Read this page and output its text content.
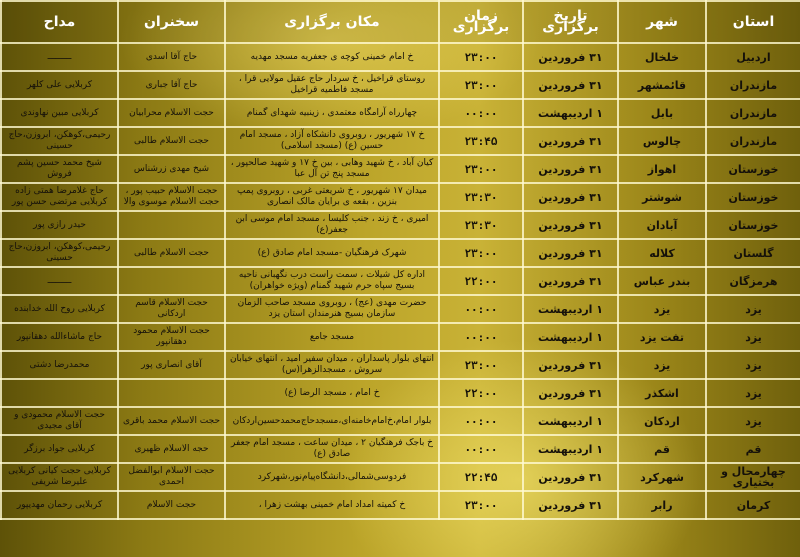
استان	شهر	تاریخ برگزاری	زمان برگزاری	مکان برگزاری	سخنران	مداح
اردبیل	خلخال	۳۱ فروردین	۲۳:۰۰	خ امام خمینی کوچه ی جعفریه مسجد مهدیه	حاج آقا اسدی	ـــــــــ
مازندران	قائمشهر	۳۱ فروردین	۲۳:۰۰	روستای قراخیل ، خ سردار حاج عقیل مولایی قرا ، مسجد فاطمیه قراخیل	حاج آقا جباری	کربلایی علی کلهر
مازندران	بابل	۱ اردیبهشت	۰۰:۰۰	چهارراه آرامگاه معتمدی ، زینبیه شهدای گمنام	حجت الاسلام محرابیان	کربلایی مبین نهاوندی
مازندران	چالوس	۳۱ فروردین	۲۳:۴۵	خ ۱۷ شهریور ، روبروی دانشکاه آزاد ، مسجد امام حسین (ع) (مسجد اسلامی)	حجت الاسلام طالبی	رحیمی،کوهکن، ابروزن،حاج حسینی
خوزستان	اهواز	۳۱ فروردین	۲۳:۰۰	کیان آباد ، خ شهید وهابی ، بین خ ۱۷ و شهید صالحپور ، مسجد پنج تن آل عبا	شیخ مهدی زرشناس	شیخ محمد حسین پشم فروش
خوزستان	شوشتر	۳۱ فروردین	۲۳:۳۰	میدان ۱۷ شهریور ، خ شریعتی غربی ، روبروی پمپ بنزین ، بقعه ی برایان مالک انصاری	حجت الاسلام حبیب پور ، حجت الاسلام موسوی والا	حاج غلامرضا همتی زاده کربلایی مرتضی حسن پور
خوزستان	آبادان	۳۱ فروردین	۲۳:۳۰	امیری ، خ زند ، جنب کلیسا ، مسجد امام موسی ابن جعفر(ع)		حیدر رازی پور
گلستان	کلاله	۳۱ فروردین	۲۳:۰۰	شهرک فرهنگیان -مسجد امام صادق (ع)	حجت الاسلام طالبی	رحیمی،کوهکن، ابروزن،حاج حسینی
هرمزگان	بندر عباس	۳۱ فروردین	۲۲:۰۰	اداره کل شیلات ، سمت راست درب نگهبانی ناحیه بسیج سپاه حرم شهید گمنام (ویژه خواهران)		ـــــــــ
یزد	یزد	۱ اردیبهشت	۰۰:۰۰	حضرت مهدی (عج) ، روبروی مسجد صاحب الزمان سازمان بسیج هنرمندان استان یزد	حجت الاسلام قاسم اردکانی	کربلایی روح الله خدابنده
یزد	تفت یزد	۱ اردیبهشت	۰۰:۰۰	مسجد جامع	حجت الاسلام محمود دهقانپور	حاج ماشاءالله دهقانپور
یزد	یزد	۳۱ فروردین	۲۳:۰۰	انتهای بلوار پاسداران ، میدان سفیر امید ، انتهای خیابان سروش ، مسجدالزهرا(س)	آقای انصاری پور	محمدرضا دشتی
یزد	اشکذر	۳۱ فروردین	۲۲:۰۰	خ امام ، مسجد الرضا (ع)		
یزد	اردکان	۱ اردیبهشت	۰۰:۰۰	بلوار امام،خ‌امام‌خامنه‌ای،مسجدحاج‌محمدحسین‌اردکان	حجت الاسلام محمد باقری	حجت الاسلام محمودی و آقای مجیدی
قم	قم	۱ اردیبهشت	۰۰:۰۰	خ باجک فرهنگیان ۲ ، میدان ساعت ، مسجد امام جعفر صادق (ع)	حجه الاسلام ظهیری	کربلایی جواد برزگر
چهارمحال و بختیاری	شهرکرد	۳۱ فروردین	۲۲:۴۵	فردوسی‌شمالی،دانشگاه‌پیام‌نور،شهرکرد	حجت الاسلام ابوالفضل احمدی	کربلایی حجت کیانی کربلایی علیرضا شریفی
کرمان	رابر	۳۱ فروردین	۲۳:۰۰	خ کمیته امداد امام خمینی بهشت زهرا ،	حجت الاسلام	کربلایی رحمان مهدیپور
